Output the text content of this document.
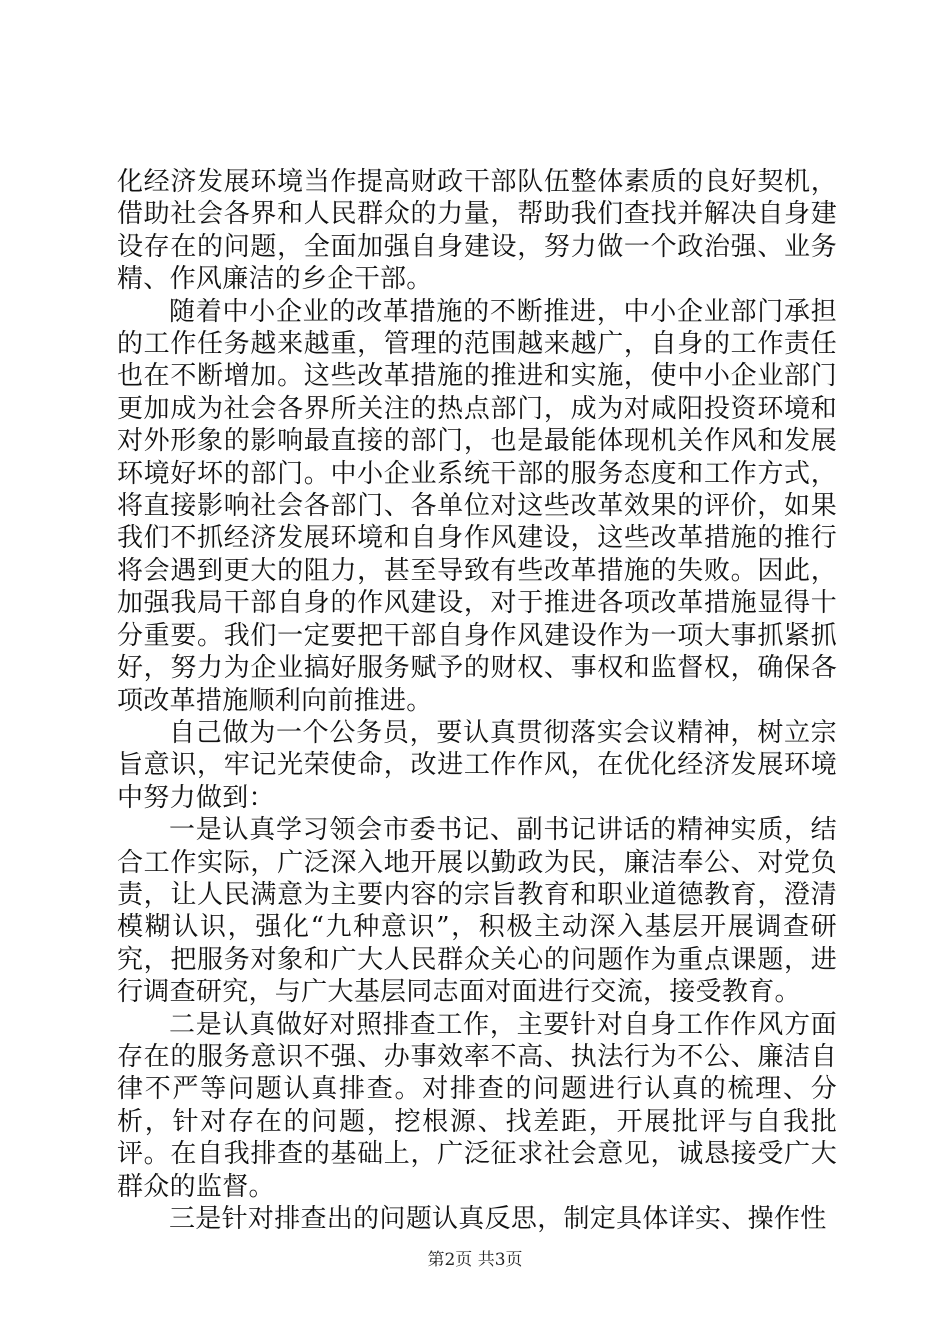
化经济发展环境当作提高财政干部队伍整体素质的良好契机，借助社会各界和人民群众的力量，帮助我们查找并解决自身建设存在的问题，全面加强自身建设，努力做一个政治强、业务精、作风廉洁的乡企干部。

随着中小企业的改革措施的不断推进，中小企业部门承担的工作任务越来越重，管理的范围越来越广，自身的工作责任也在不断增加。这些改革措施的推进和实施，使中小企业部门更加成为社会各界所关注的热点部门，成为对咸阳投资环境和对外形象的影响最直接的部门，也是最能体现机关作风和发展环境好坏的部门。中小企业系统干部的服务态度和工作方式，将直接影响社会各部门、各单位对这些改革效果的评价，如果我们不抓经济发展环境和自身作风建设，这些改革措施的推行将会遇到更大的阻力，甚至导致有些改革措施的失败。因此，加强我局干部自身的作风建设，对于推进各项改革措施显得十分重要。我们一定要把干部自身作风建设作为一项大事抓紧抓好，努力为企业搞好服务赋予的财权、事权和监督权，确保各项改革措施顺利向前推进。

自己做为一个公务员，要认真贯彻落实会议精神，树立宗旨意识，牢记光荣使命，改进工作作风，在优化经济发展环境中努力做到：

一是认真学习领会市委书记、副书记讲话的精神实质，结合工作实际，广泛深入地开展以勤政为民，廉洁奉公、对党负责，让人民满意为主要内容的宗旨教育和职业道德教育，澄清模糊认识，强化“九种意识”，积极主动深入基层开展调查研究，把服务对象和广大人民群众关心的问题作为重点课题，进行调查研究，与广大基层同志面对面进行交流，接受教育。

二是认真做好对照排查工作，主要针对自身工作作风方面存在的服务意识不强、办事效率不高、执法行为不公、廉洁自律不严等问题认真排查。对排查的问题进行认真的梳理、分析，针对存在的问题，挖根源、找差距，开展批评与自我批评。在自我排查的基础上，广泛征求社会意见，诚恳接受广大群众的监督。

三是针对排查出的问题认真反思，制定具体详实、操作性

第2页 共3页
